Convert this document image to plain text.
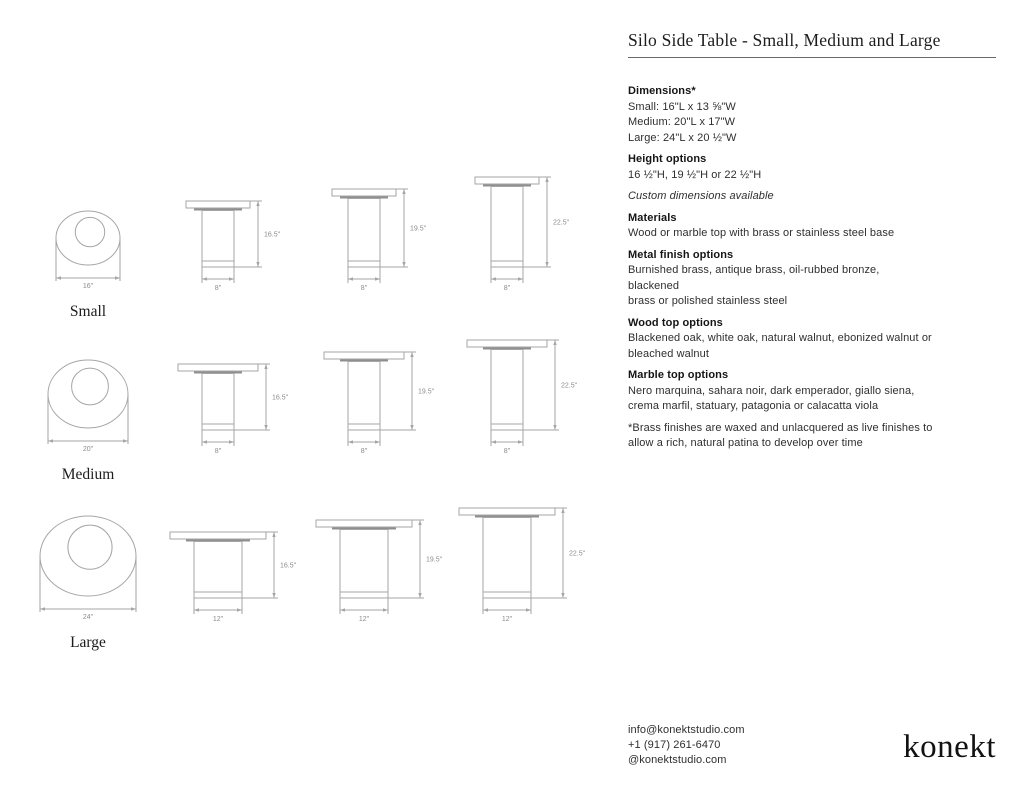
16"
Small
16.5"
8"
19.5"
8"
22.5"
8"
20"
Medium
16.5"
8"
19.5"
8"
22.5"
8"
24"
Large
16.5"
12"
19.5"
12"
22.5"
12"
Silo Side Table - Small, Medium and Large
Dimensions*
Small: 16"L x 13 ⅝"W
Medium: 20"L x 17"W
Large: 24"L x 20 ½"W
Height options
16 ½"H, 19 ½"H or 22 ½"H
Custom dimensions available
Materials
Wood or marble top with brass or stainless steel base
Metal finish options
Burnished brass, antique brass, oil-rubbed bronze, blackened
brass or polished stainless steel
Wood top options
Blackened oak, white oak, natural walnut, ebonized walnut or
bleached walnut
Marble top options
Nero marquina, sahara noir, dark emperador, giallo siena,
crema marfil, statuary, patagonia or calacatta viola
*Brass finishes are waxed and unlacquered as live finishes to
allow a rich, natural patina to develop over time
info@konektstudio.com
+1 (917) 261-6470
@konektstudio.com	konekt
